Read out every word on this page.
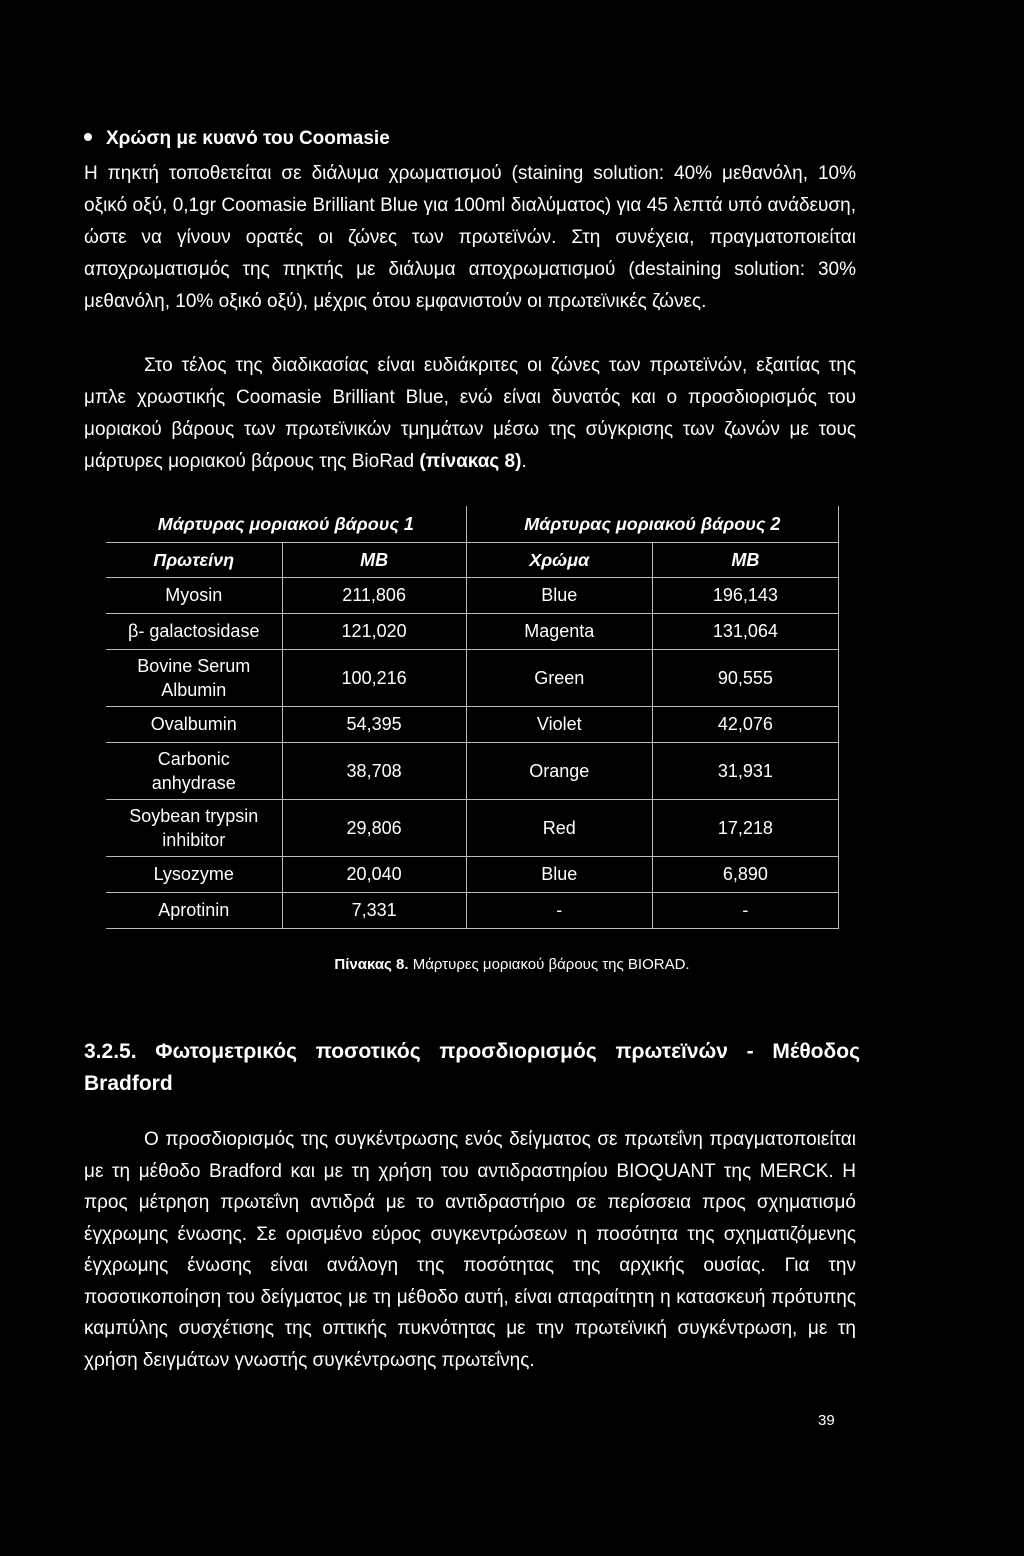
Χρώση με κυανό του Coomasie
Η πηκτή τοποθετείται σε διάλυμα χρωματισμού (staining solution: 40% μεθανόλη, 10% οξικό οξύ, 0,1gr Coomasie Brilliant Blue για 100ml διαλύματος) για 45 λεπτά υπό ανάδευση, ώστε να γίνουν ορατές οι ζώνες των πρωτεϊνών. Στη συνέχεια, πραγματοποιείται αποχρωματισμός της πηκτής με διάλυμα αποχρωματισμού (destaining solution: 30% μεθανόλη, 10% οξικό οξύ), μέχρις ότου εμφανιστούν οι πρωτεϊνικές ζώνες.
Στο τέλος της διαδικασίας είναι ευδιάκριτες οι ζώνες των πρωτεϊνών, εξαιτίας της μπλε χρωστικής Coomasie Brilliant Blue, ενώ είναι δυνατός και ο προσδιορισμός του μοριακού βάρους των πρωτεϊνικών τμημάτων μέσω της σύγκρισης των ζωνών με τους μάρτυρες μοριακού βάρους της BioRad (πίνακας 8).
Μάρτυρας μοριακού βάρους 1		Μάρτυρας μοριακού βάρους 2	
Πρωτείνη	MB	Χρώμα	MB
Myosin	211,806	Blue	196,143
β- galactosidase	121,020	Magenta	131,064
Bovine Serum
Albumin	100,216	Green	90,555
Ovalbumin	54,395	Violet	42,076
Carbonic
anhydrase	38,708	Orange	31,931
Soybean trypsin
inhibitor	29,806	Red	17,218
Lysozyme	20,040	Blue	6,890
Aprotinin	7,331	-	-
Πίνακας 8. Μάρτυρες μοριακού βάρους της BIORAD.
3.2.5. Φωτομετρικός ποσοτικός προσδιορισμός πρωτεϊνών - Μέθοδος Bradford
Ο προσδιορισμός της συγκέντρωσης ενός δείγματος σε πρωτεΐνη πραγματοποιείται με τη μέθοδο Bradford και με τη χρήση του αντιδραστηρίου BIOQUANT της MERCK. Η προς μέτρηση πρωτεΐνη αντιδρά με το αντιδραστήριο σε περίσσεια προς σχηματισμό έγχρωμης ένωσης. Σε ορισμένο εύρος συγκεντρώσεων η ποσότητα της σχηματιζόμενης έγχρωμης ένωσης είναι ανάλογη της ποσότητας της αρχικής ουσίας. Για την ποσοτικοποίηση του δείγματος με τη μέθοδο αυτή, είναι απαραίτητη η κατασκευή πρότυπης καμπύλης συσχέτισης της οπτικής πυκνότητας με την πρωτεϊνική συγκέντρωση, με τη χρήση δειγμάτων γνωστής συγκέντρωσης πρωτεΐνης.
39
